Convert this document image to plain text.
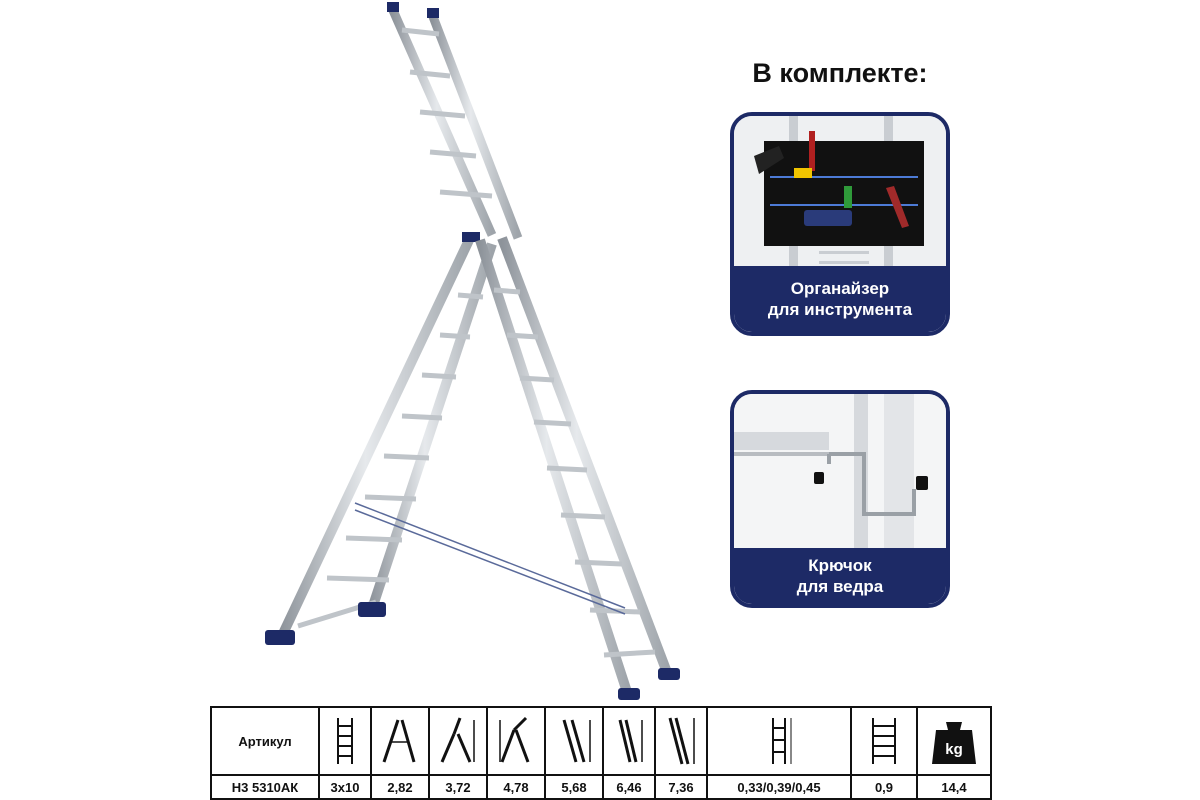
В комплекте:
Органайзер
для инструмента
Крючок
для ведра
Артикул										kg

Н3 5310АК	3x10	2,82	3,72	4,78	5,68	6,46	7,36	0,33/0,39/0,45	0,9	14,4
